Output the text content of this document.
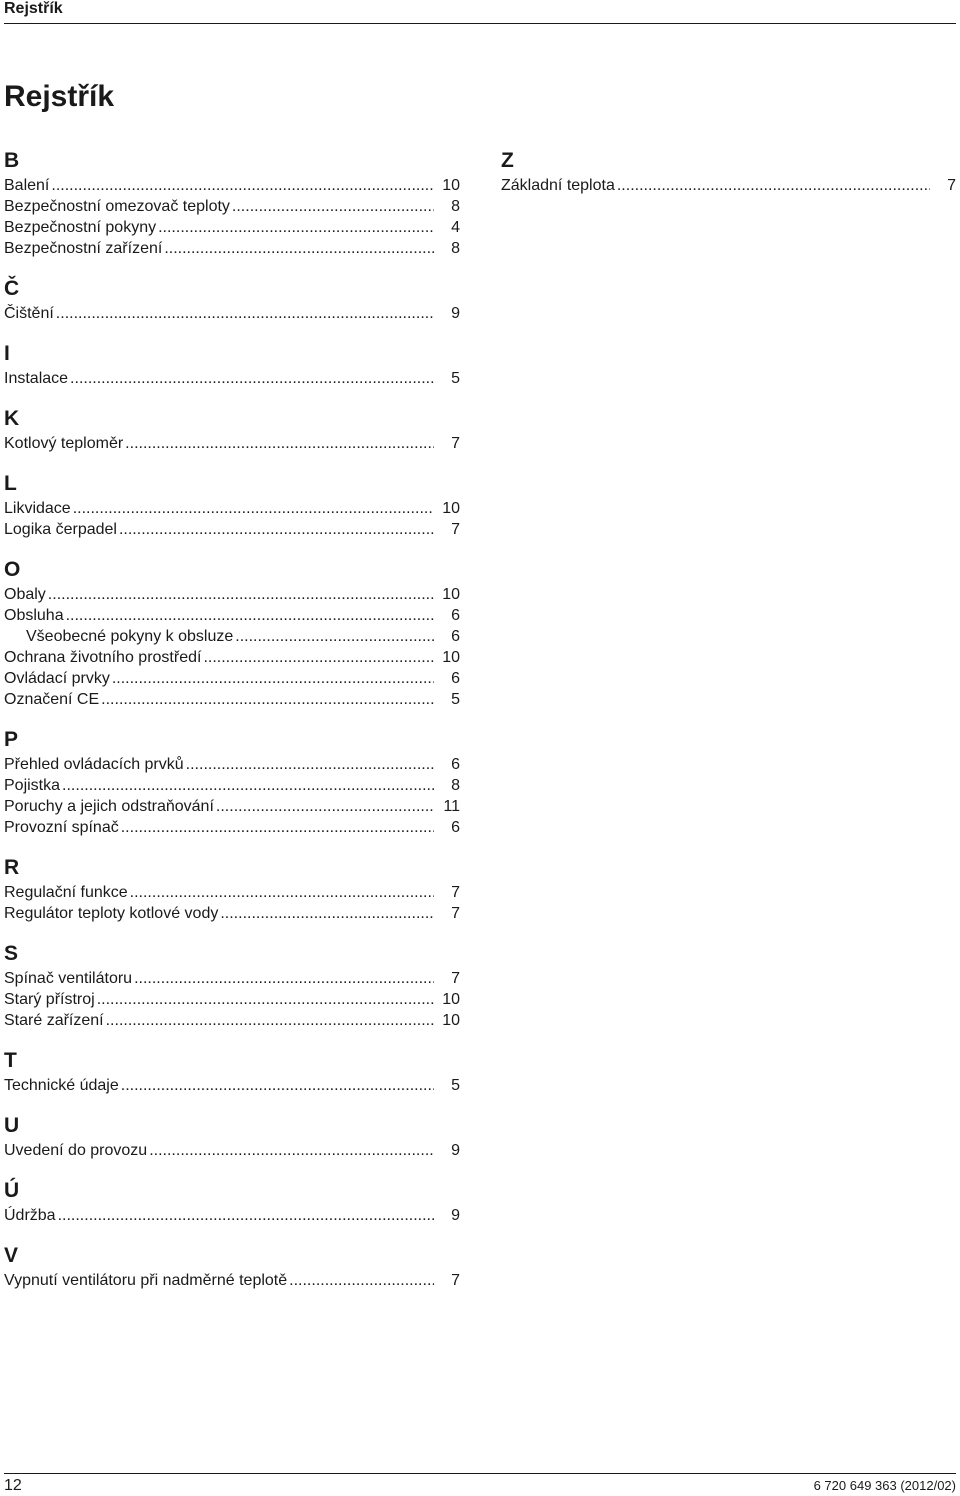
Rejstřík
Rejstřík
B
Balení .....	10
Bezpečnostní omezovač teploty .....	8
Bezpečnostní pokyny .....	4
Bezpečnostní zařízení .....	8
Č
Čištění .....	9
I
Instalace .....	5
K
Kotlový teploměr .....	7
L
Likvidace .....	10
Logika čerpadel .....	7
O
Obaly .....	10
Obsluha .....	6
Všeobecné pokyny k obsluze .....	6
Ochrana životního prostředí .....	10
Ovládací prvky .....	6
Označení CE .....	5
P
Přehled ovládacích prvků .....	6
Pojistka .....	8
Poruchy a jejich odstraňování .....	11
Provozní spínač .....	6
R
Regulační funkce .....	7
Regulátor teploty kotlové vody .....	7
S
Spínač ventilátoru .....	7
Starý přístroj .....	10
Staré zařízení .....	10
T
Technické údaje .....	5
U
Uvedení do provozu .....	9
Ú
Údržba .....	9
V
Vypnutí ventilátoru při nadměrné teplotě .....	7
Z
Základní teplota .....	7
12	6 720 649 363 (2012/02)
